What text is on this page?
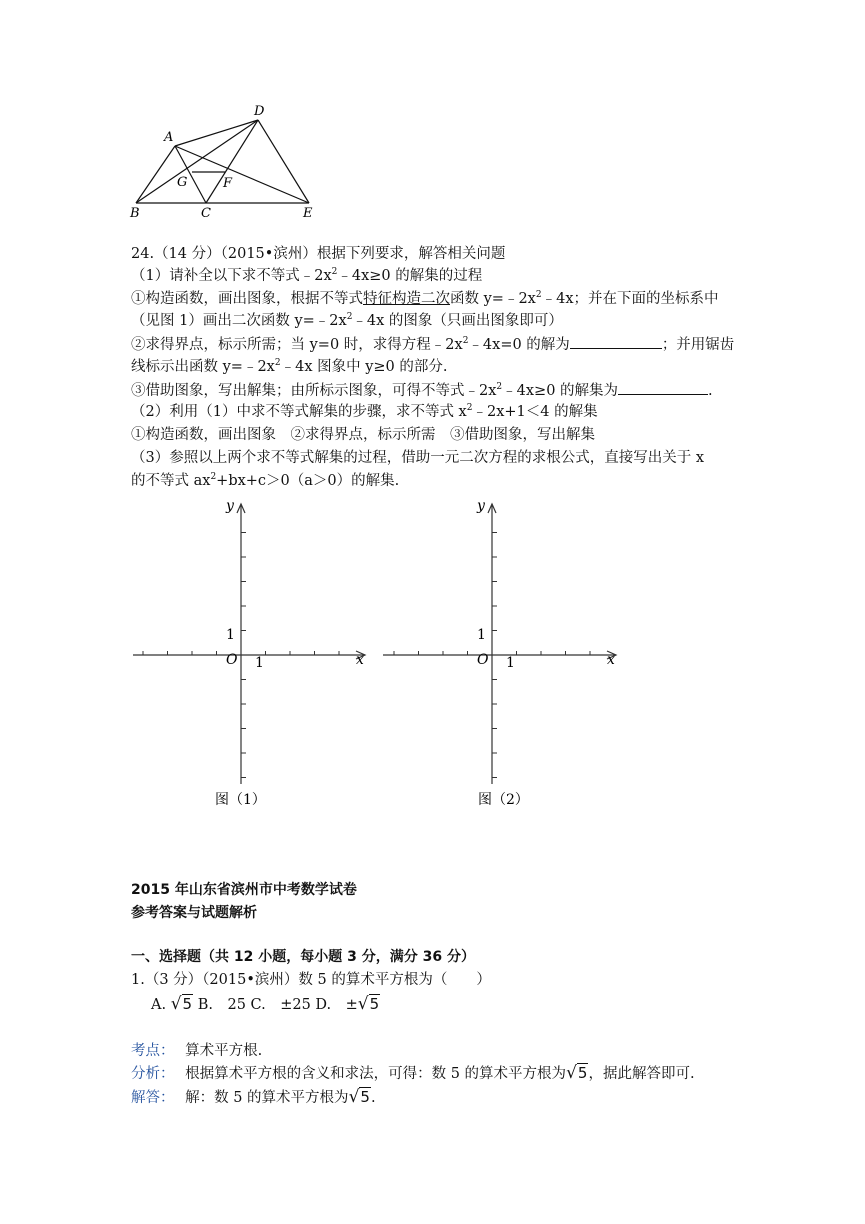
A
D
G	F
B	C	E
24.（14 分）（2015•滨州）根据下列要求，解答相关问题
（1）请补全以下求不等式$﹣2x^2﹣4x\ge 0$ 的解集的过程
①构造函数，画出图象，根据不等式特征构造二次函数 $y=﹣2x^2﹣4x$；并在下面的坐标系中
（见图 1）画出二次函数 $y=﹣2x^2﹣4x$ 的图象（只画出图象即可）
②求得界点，标示所需；当 y=0 时，求得方程$﹣2x^2﹣4x=0$ 的解为	；并用锯齿
线标示出函数 $y=﹣2x^2﹣4x$ 图象中 y≥0 的部分.
③借助图象，写出解集；由所标示图象，可得不等式$﹣2x^2﹣4x\ge 0$ 的解集为	.
（2）利用（1）中求不等式解集的步骤，求不等式 $x^2﹣2x+1<4$ 的解集
①构造函数，画出图象　②求得界点，标示所需　③借助图象，写出解集
（3）参照以上两个求不等式解集的过程，借助一元二次方程的求根公式，直接写出关于 x
的不等式 $ax^2+bx+c>0(a>0)$的解集.
y
x
O 1
1
图（1）
y
x
O 1
1
图（2）
2015 年山东省滨州市中考数学试卷
参考答案与试题解析
一、选择题（共 12 小题，每小题 3 分，满分 36 分）
1.（3 分）（2015•滨州）数 5 的算术平方根为（　　）
A. √5 B.　25 C.　±25 D.　±√5
考点： 算术平方根.
分析： 根据算术平方根的含义和求法，可得：数 5 的算术平方根为√5，据此解答即可.
解答： 解：数 5 的算术平方根为√5.
